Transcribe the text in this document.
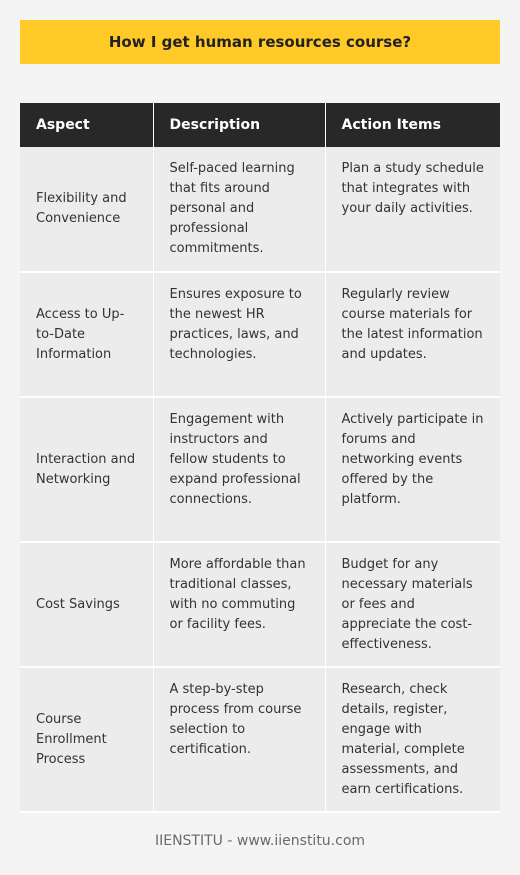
How I get human resources course?
Aspect	Description	Action Items
Flexibility and Convenience	Self-paced learning that fits around personal and professional commitments.	Plan a study schedule that integrates with your daily activities.
Access to Up-to-Date Information	Ensures exposure to the newest HR practices, laws, and technologies.	Regularly review course materials for the latest information and updates.
Interaction and Networking	Engagement with instructors and fellow students to expand professional connections.	Actively participate in forums and networking events offered by the platform.
Cost Savings	More affordable than traditional classes, with no commuting or facility fees.	Budget for any necessary materials or fees and appreciate the cost-effectiveness.
Course Enrollment Process	A step-by-step process from course selection to certification.	Research, check details, register, engage with material, complete assessments, and earn certifications.
IIENSTITU - www.iienstitu.com
